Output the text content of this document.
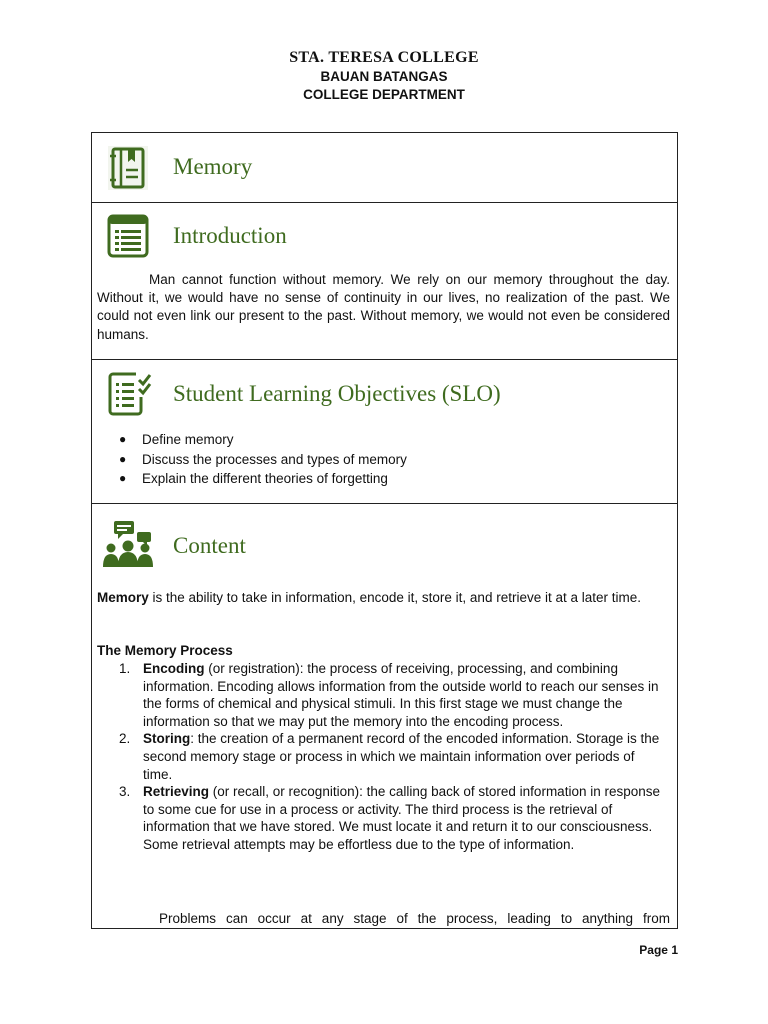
STA. TERESA COLLEGE
BAUAN BATANGAS
COLLEGE DEPARTMENT
Memory
Introduction
Man cannot function without memory. We rely on our memory throughout the day. Without it, we would have no sense of continuity in our lives, no realization of the past. We could not even link our present to the past. Without memory, we would not even be considered humans.
Student Learning Objectives (SLO)
● Define memory
● Discuss the processes and types of memory
● Explain the different theories of forgetting
Content
Memory is the ability to take in information, encode it, store it, and retrieve it at a later time.
The Memory Process
1. Encoding (or registration): the process of receiving, processing, and combining information. Encoding allows information from the outside world to reach our senses in the forms of chemical and physical stimuli. In this first stage we must change the information so that we may put the memory into the encoding process.
2. Storing: the creation of a permanent record of the encoded information. Storage is the second memory stage or process in which we maintain information over periods of time.
3. Retrieving (or recall, or recognition): the calling back of stored information in response to some cue for use in a process or activity. The third process is the retrieval of information that we have stored. We must locate it and return it to our consciousness. Some retrieval attempts may be effortless due to the type of information.
Problems can occur at any stage of the process, leading to anything from
Page 1
